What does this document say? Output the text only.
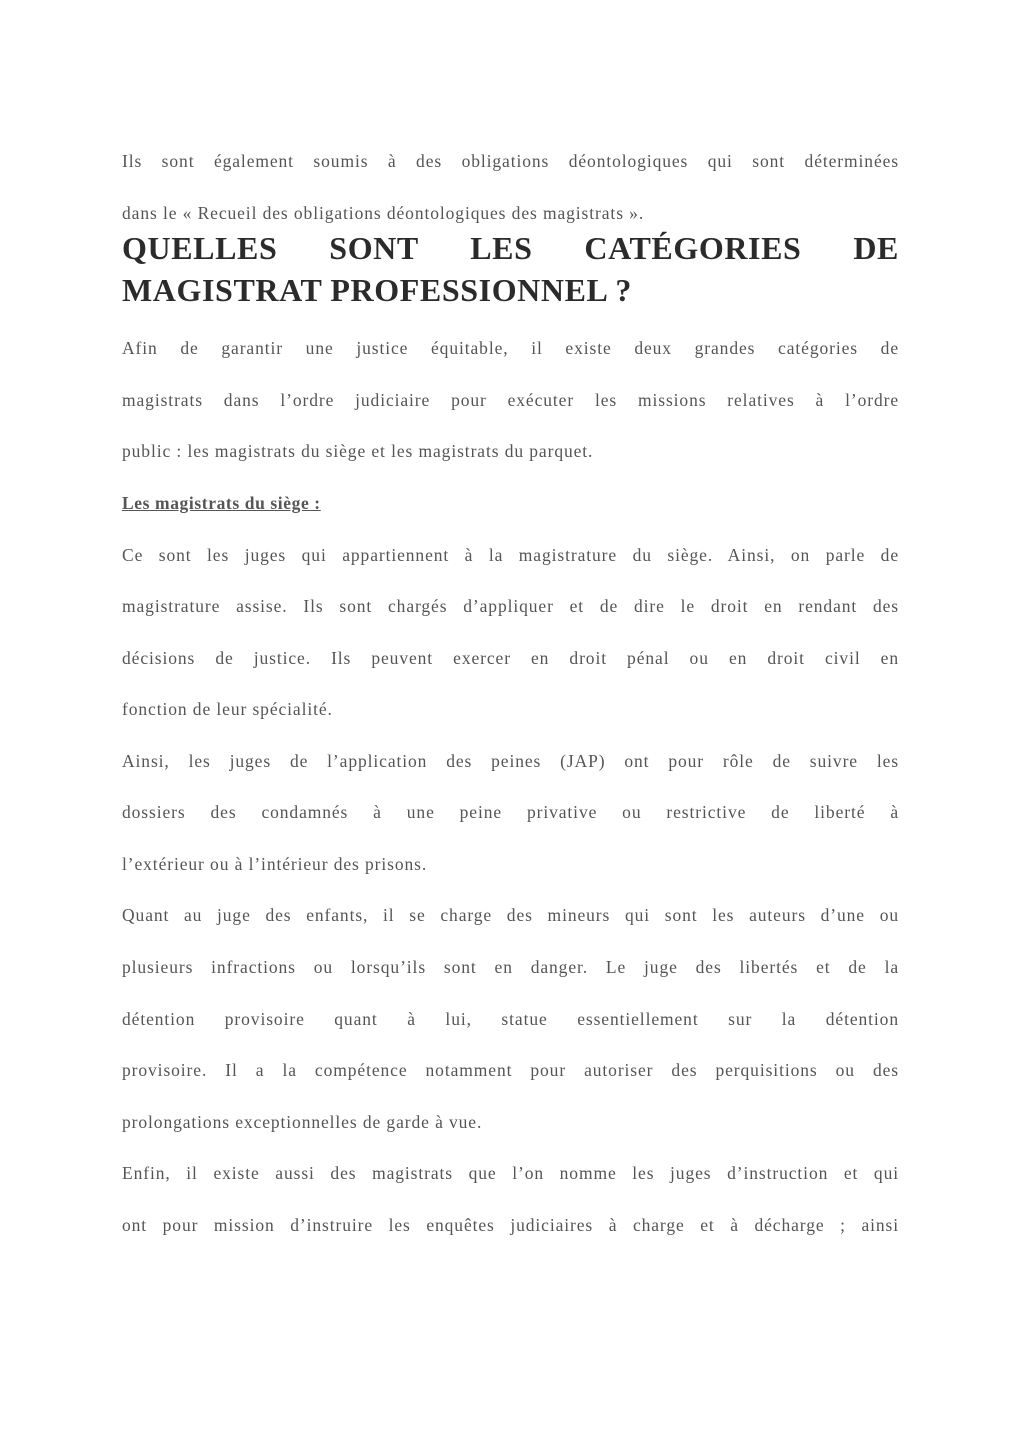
Ils sont également soumis à des obligations déontologiques qui sont déterminées
dans le « Recueil des obligations déontologiques des magistrats ».
QUELLES SONT LES CATÉGORIES DE
MAGISTRAT PROFESSIONNEL ?
Afin de garantir une justice équitable, il existe deux grandes catégories de
magistrats dans l’ordre judiciaire pour exécuter les missions relatives à l’ordre
public : les magistrats du siège et les magistrats du parquet.
Les magistrats du siège :
Ce sont les juges qui appartiennent à la magistrature du siège. Ainsi, on parle de
magistrature assise. Ils sont chargés d’appliquer et de dire le droit en rendant des
décisions de justice. Ils peuvent exercer en droit pénal ou en droit civil en
fonction de leur spécialité.
Ainsi, les juges de l’application des peines (JAP) ont pour rôle de suivre les
dossiers des condamnés à une peine privative ou restrictive de liberté à
l’extérieur ou à l’intérieur des prisons.
Quant au juge des enfants, il se charge des mineurs qui sont les auteurs d’une ou
plusieurs infractions ou lorsqu’ils sont en danger. Le juge des libertés et de la
détention provisoire quant à lui, statue essentiellement sur la détention
provisoire. Il a la compétence notamment pour autoriser des perquisitions ou des
prolongations exceptionnelles de garde à vue.
Enfin, il existe aussi des magistrats que l’on nomme les juges d’instruction et qui
ont pour mission d’instruire les enquêtes judiciaires à charge et à décharge ; ainsi
